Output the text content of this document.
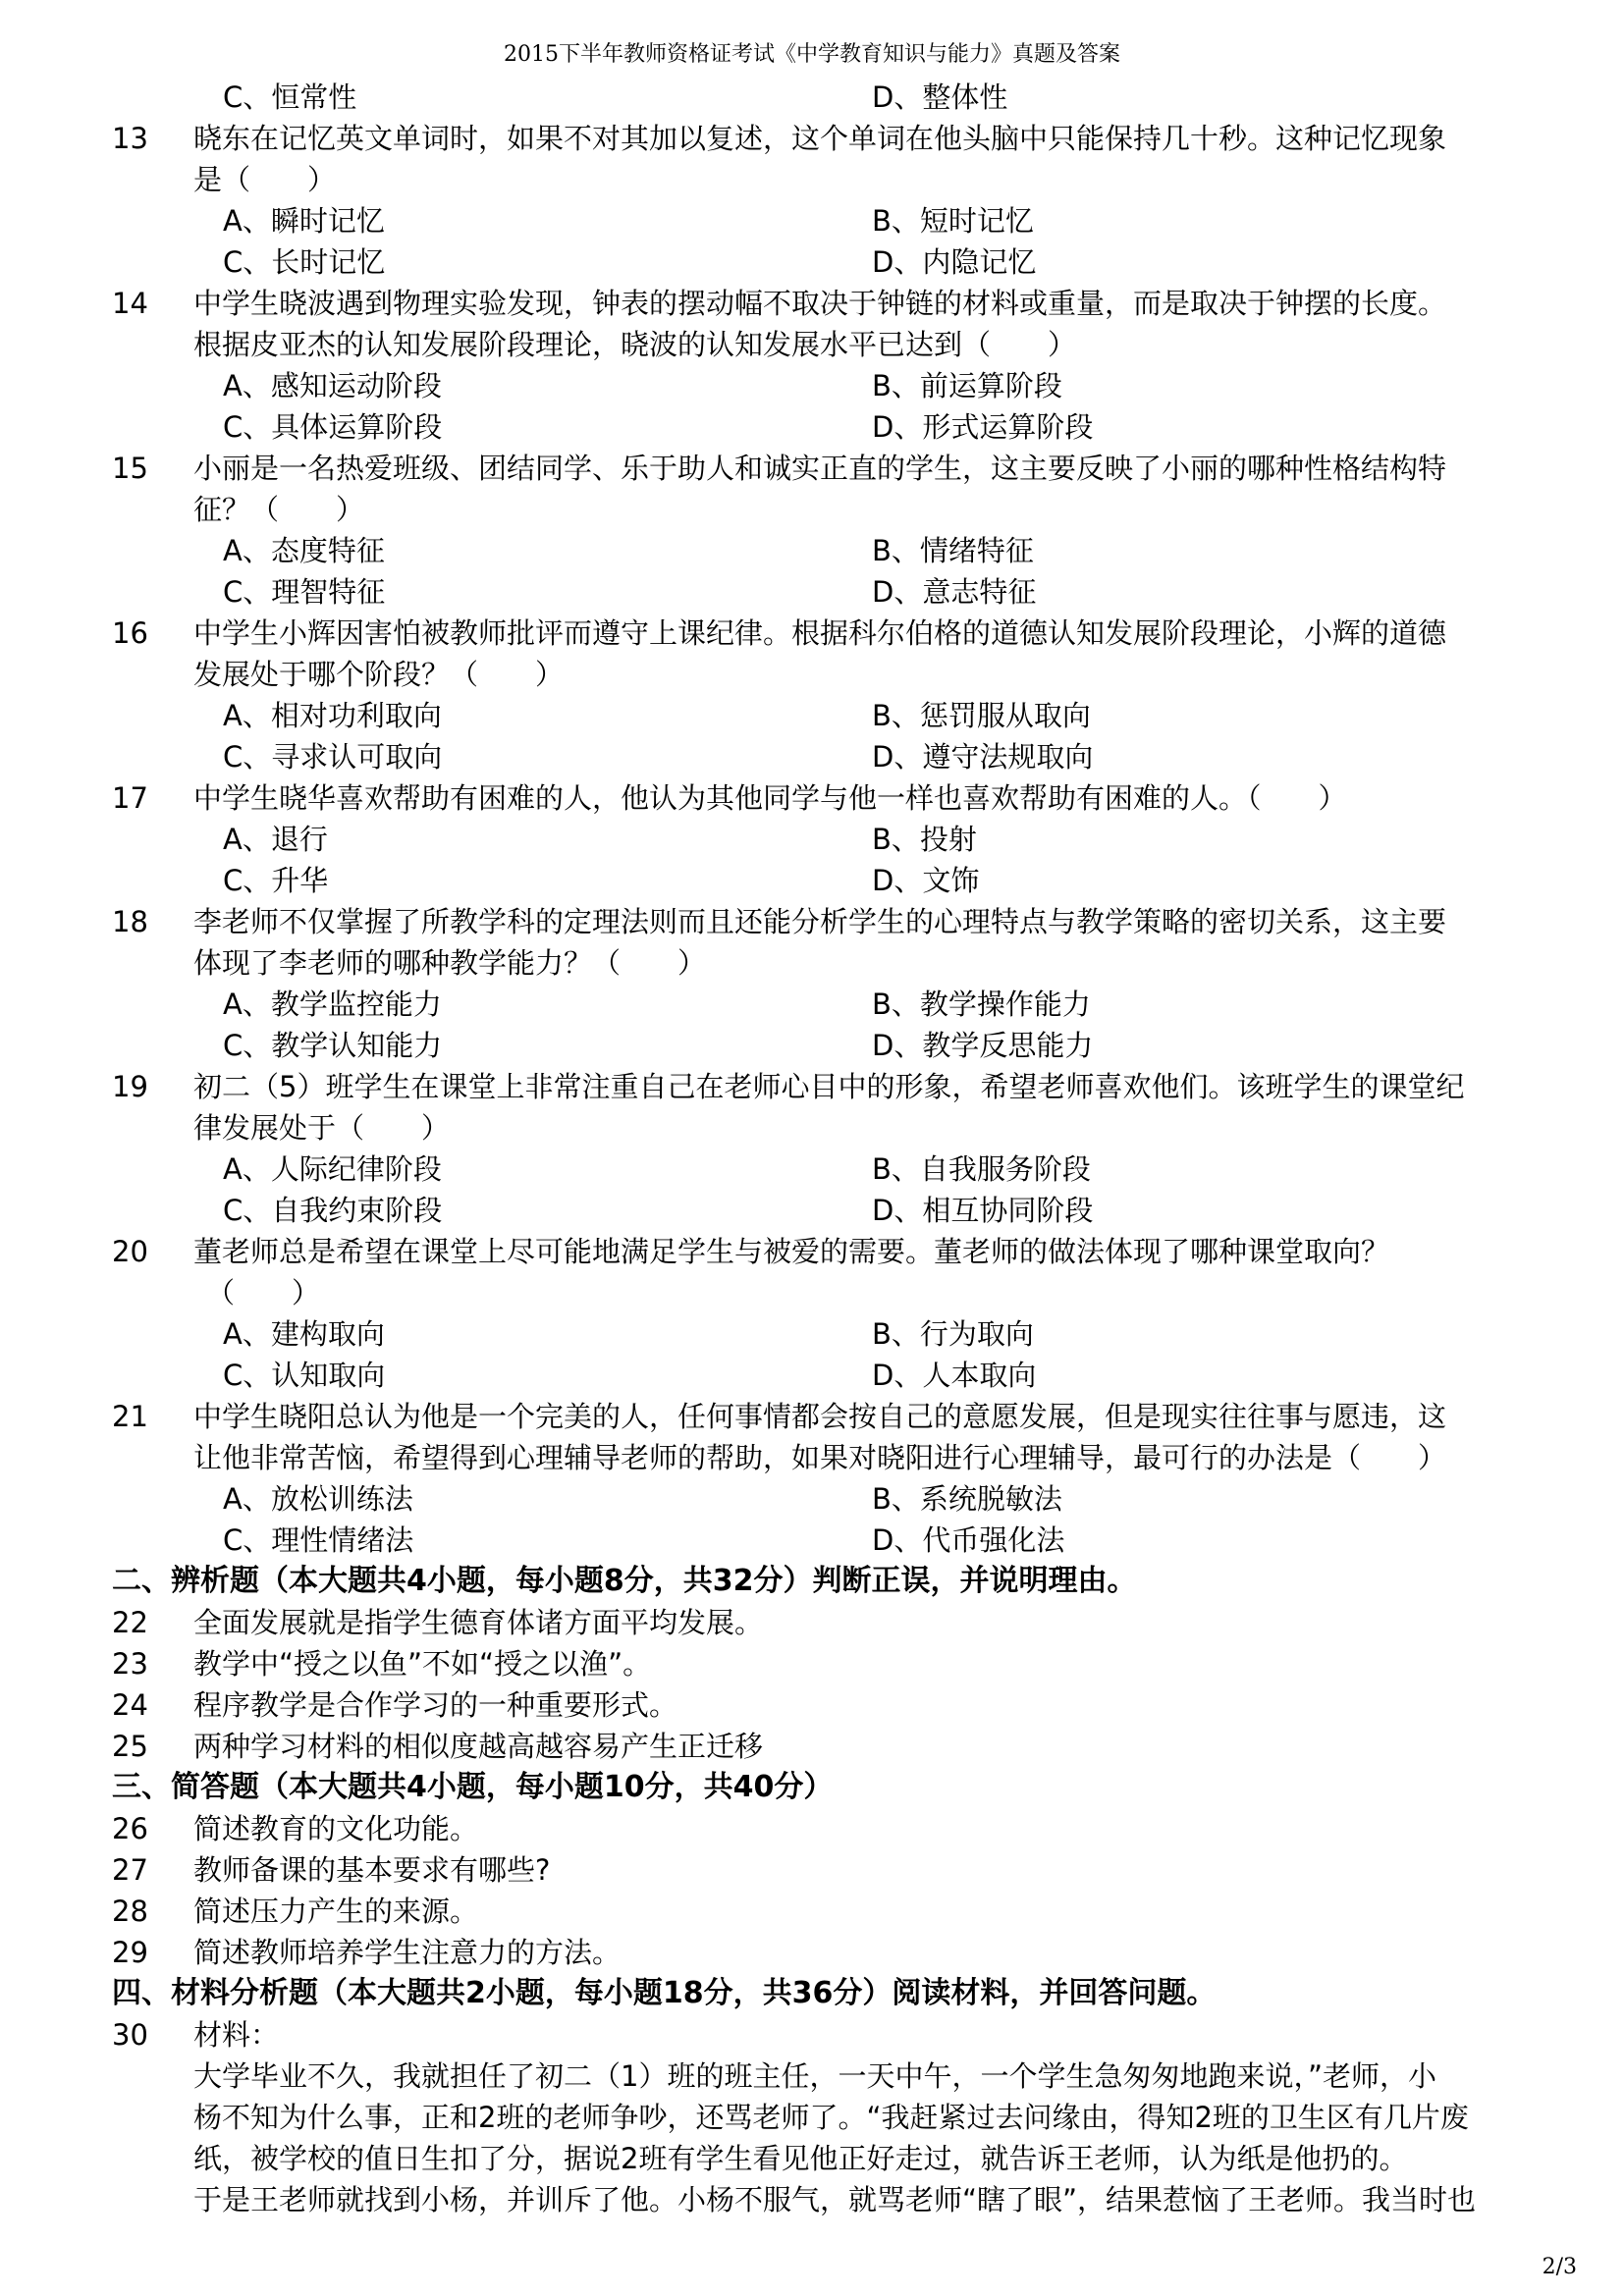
2015下半年教师资格证考试《中学教育知识与能力》真题及答案
C、恒常性	D、整体性
13 晓东在记忆英文单词时，如果不对其加以复述，这个单词在他头脑中只能保持几十秒。这种记忆现象
是（　　）
A、瞬时记忆	B、短时记忆
C、长时记忆	D、内隐记忆
14 中学生晓波遇到物理实验发现，钟表的摆动幅不取决于钟链的材料或重量，而是取决于钟摆的长度。
根据皮亚杰的认知发展阶段理论，晓波的认知发展水平已达到（　　）
A、感知运动阶段	B、前运算阶段
C、具体运算阶段	D、形式运算阶段
15 小丽是一名热爱班级、团结同学、乐于助人和诚实正直的学生，这主要反映了小丽的哪种性格结构特
征？（　　）
A、态度特征	B、情绪特征
C、理智特征	D、意志特征
16 中学生小辉因害怕被教师批评而遵守上课纪律。根据科尔伯格的道德认知发展阶段理论，小辉的道德
发展处于哪个阶段？（　　）
A、相对功利取向	B、惩罚服从取向
C、寻求认可取向	D、遵守法规取向
17 中学生晓华喜欢帮助有困难的人，他认为其他同学与他一样也喜欢帮助有困难的人。（　　）
A、退行	B、投射
C、升华	D、文饰
18 李老师不仅掌握了所教学科的定理法则而且还能分析学生的心理特点与教学策略的密切关系，这主要
体现了李老师的哪种教学能力？（　　）
A、教学监控能力	B、教学操作能力
C、教学认知能力	D、教学反思能力
19 初二（5）班学生在课堂上非常注重自己在老师心目中的形象，希望老师喜欢他们。该班学生的课堂纪
律发展处于（　　）
A、人际纪律阶段	B、自我服务阶段
C、自我约束阶段	D、相互协同阶段
20 董老师总是希望在课堂上尽可能地满足学生与被爱的需要。董老师的做法体现了哪种课堂取向？
（　　）
A、建构取向	B、行为取向
C、认知取向	D、人本取向
21 中学生晓阳总认为他是一个完美的人，任何事情都会按自己的意愿发展，但是现实往往事与愿违，这
让他非常苦恼，希望得到心理辅导老师的帮助，如果对晓阳进行心理辅导，最可行的办法是（　　）
A、放松训练法	B、系统脱敏法
C、理性情绪法	D、代币强化法
二、辨析题（本大题共4小题，每小题8分，共32分）判断正误，并说明理由。
22 全面发展就是指学生德育体诸方面平均发展。
23 教学中“授之以鱼”不如“授之以渔”。
24 程序教学是合作学习的一种重要形式。
25 两种学习材料的相似度越高越容易产生正迁移
三、简答题（本大题共4小题，每小题10分，共40分）
26 简述教育的文化功能。
27 教师备课的基本要求有哪些?
28 简述压力产生的来源。
29 简述教师培养学生注意力的方法。
四、材料分析题（本大题共2小题，每小题18分，共36分）阅读材料，并回答问题。
30 材料：
大学毕业不久，我就担任了初二（1）班的班主任，一天中午，一个学生急匆匆地跑来说，”老师，小
杨不知为什么事，正和2班的老师争吵，还骂老师了。“我赶紧过去问缘由，得知2班的卫生区有几片废
纸，被学校的值日生扣了分，据说2班有学生看见他正好走过，就告诉王老师，认为纸是他扔的。
于是王老师就找到小杨，并训斥了他。小杨不服气，就骂老师“瞎了眼”，结果惹恼了王老师。我当时也
2/3
